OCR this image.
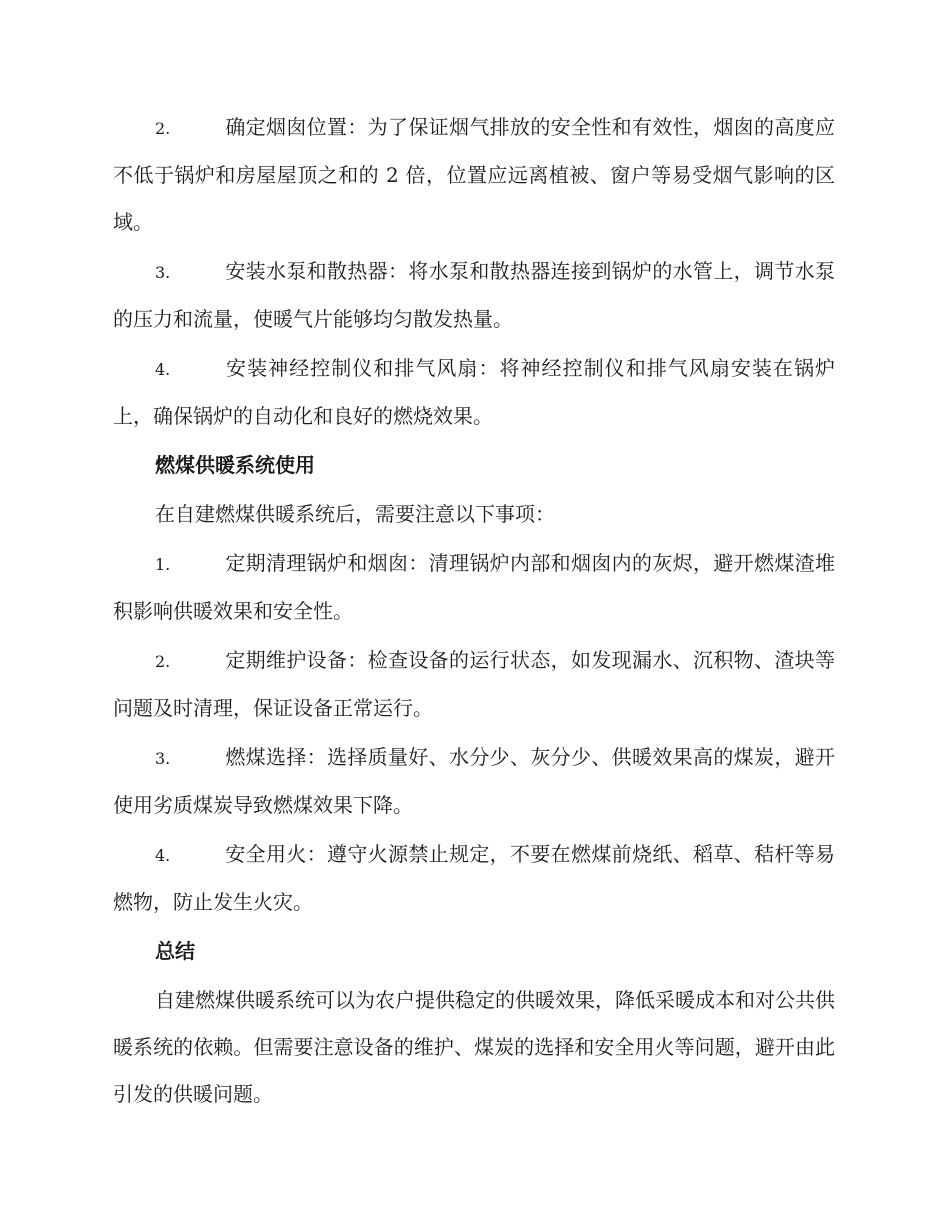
2.	确定烟囱位置：为了保证烟气排放的安全性和有效性，烟囱的高度应不低于锅炉和房屋屋顶之和的 2 倍，位置应远离植被、窗户等易受烟气影响的区域。

3.	安装水泵和散热器：将水泵和散热器连接到锅炉的水管上，调节水泵的压力和流量，使暖气片能够均匀散发热量。

4.	安装神经控制仪和排气风扇：将神经控制仪和排气风扇安装在锅炉上，确保锅炉的自动化和良好的燃烧效果。

燃煤供暖系统使用

在自建燃煤供暖系统后，需要注意以下事项：

1.	定期清理锅炉和烟囱：清理锅炉内部和烟囱内的灰烬，避开燃煤渣堆积影响供暖效果和安全性。

2.	定期维护设备：检查设备的运行状态，如发现漏水、沉积物、渣块等问题及时清理，保证设备正常运行。

3.	燃煤选择：选择质量好、水分少、灰分少、供暖效果高的煤炭，避开使用劣质煤炭导致燃煤效果下降。

4.	安全用火：遵守火源禁止规定，不要在燃煤前烧纸、稻草、秸杆等易燃物，防止发生火灾。

总结

自建燃煤供暖系统可以为农户提供稳定的供暖效果，降低采暖成本和对公共供暖系统的依赖。但需要注意设备的维护、煤炭的选择和安全用火等问题，避开由此引发的供暖问题。
